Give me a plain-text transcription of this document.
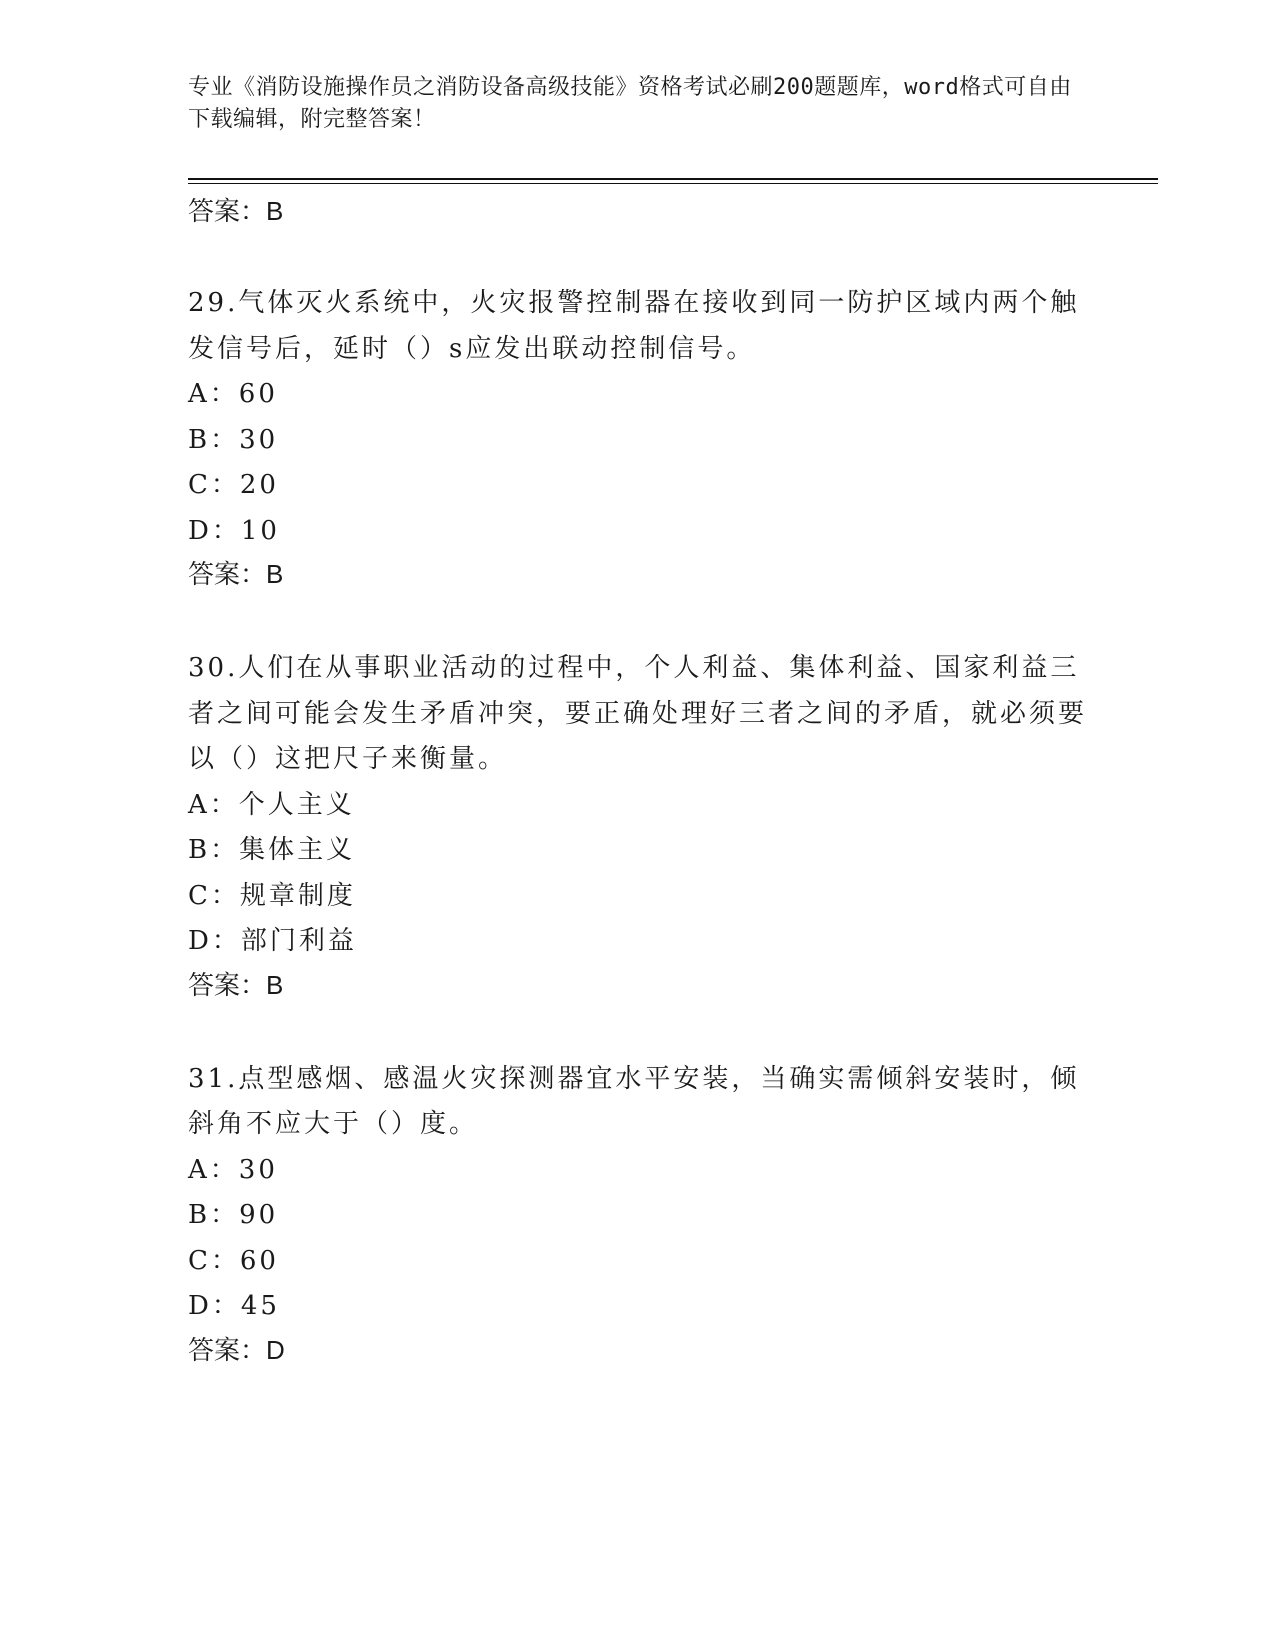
专业《消防设施操作员之消防设备高级技能》资格考试必刷200题题库，word格式可自由下载编辑，附完整答案！
答案：B
29.气体灭火系统中，火灾报警控制器在接收到同一防护区域内两个触发信号后，延时（）s应发出联动控制信号。
A：60
B：30
C：20
D：10
答案：B
30.人们在从事职业活动的过程中，个人利益、集体利益、国家利益三者之间可能会发生矛盾冲突，要正确处理好三者之间的矛盾，就必须要以（）这把尺子来衡量。
A：个人主义
B：集体主义
C：规章制度
D：部门利益
答案：B
31.点型感烟、感温火灾探测器宜水平安装，当确实需倾斜安装时，倾斜角不应大于（）度。
A：30
B：90
C：60
D：45
答案：D
